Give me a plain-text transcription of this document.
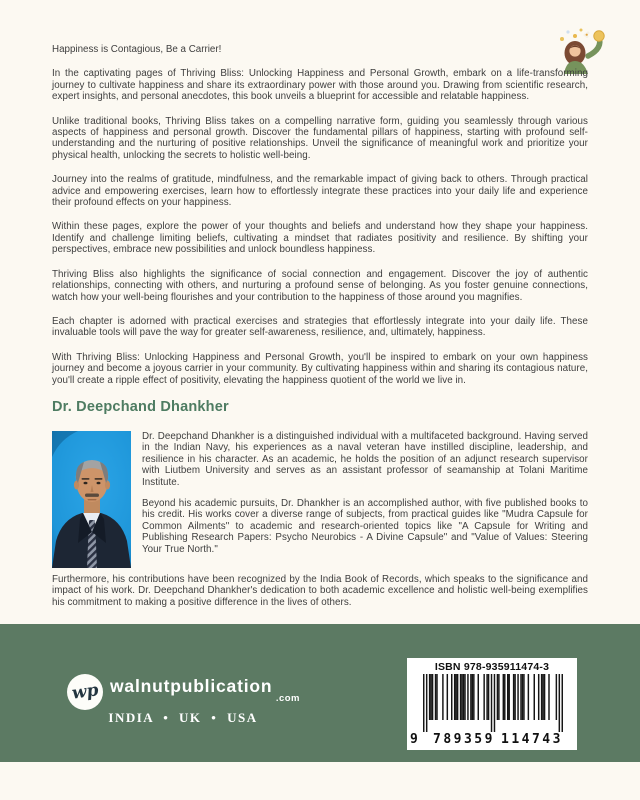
Happiness is Contagious, Be a Carrier!

In the captivating pages of Thriving Bliss: Unlocking Happiness and Personal Growth, embark on a life-transforming journey to cultivate happiness and share its extraordinary power with those around you. Drawing from scientific research, expert insights, and personal anecdotes, this book unveils a blueprint for accessible and relatable happiness.

Unlike traditional books, Thriving Bliss takes on a compelling narrative form, guiding you seamlessly through various aspects of happiness and personal growth. Discover the fundamental pillars of happiness, starting with profound self-understanding and the nurturing of positive relationships. Unveil the significance of meaningful work and prioritize your physical health, unlocking the secrets to holistic well-being.

Journey into the realms of gratitude, mindfulness, and the remarkable impact of giving back to others. Through practical advice and empowering exercises, learn how to effortlessly integrate these practices into your daily life and experience their profound effects on your happiness.

Within these pages, explore the power of your thoughts and beliefs and understand how they shape your happiness. Identify and challenge limiting beliefs, cultivating a mindset that radiates positivity and resilience. By shifting your perspectives, embrace new possibilities and unlock boundless happiness.

Thriving Bliss also highlights the significance of social connection and engagement. Discover the joy of authentic relationships, connecting with others, and nurturing a profound sense of belonging. As you foster genuine connections, watch how your well-being flourishes and your contribution to the happiness of those around you magnifies.

Each chapter is adorned with practical exercises and strategies that effortlessly integrate into your daily life. These invaluable tools will pave the way for greater self-awareness, resilience, and, ultimately, happiness.

With Thriving Bliss: Unlocking Happiness and Personal Growth, you'll be inspired to embark on your own happiness journey and become a joyous carrier in your community. By cultivating happiness within and sharing its contagious nature, you'll create a ripple effect of positivity, elevating the happiness quotient of the world we live in.

Dr. Deepchand Dhankher

Dr. Deepchand Dhankher is a distinguished individual with a multifaceted background. Having served in the Indian Navy, his experiences as a naval veteran have instilled discipline, leadership, and resilience in his character. As an academic, he holds the position of an adjunct research supervisor with Liutbem University and serves as an assistant professor of seamanship at Tolani Maritime Institute.

Beyond his academic pursuits, Dr. Dhankher is an accomplished author, with five published books to his credit. His works cover a diverse range of subjects, from practical guides like "Mudra Capsule for Common Ailments" to academic and research-oriented topics like "A Capsule for Writing and Publishing Research Papers: Psycho Neurobics - A Divine Capsule" and "Value of Values: Steering Your True North."

Furthermore, his contributions have been recognized by the India Book of Records, which speaks to the significance and impact of his work. Dr. Deepchand Dhankher's dedication to both academic excellence and holistic well-being exemplifies his commitment to making a positive difference in the lives of others.

wp walnutpublication
.com
INDIA • UK • USA
ISBN 978-935911474-3
9 789359 114743
